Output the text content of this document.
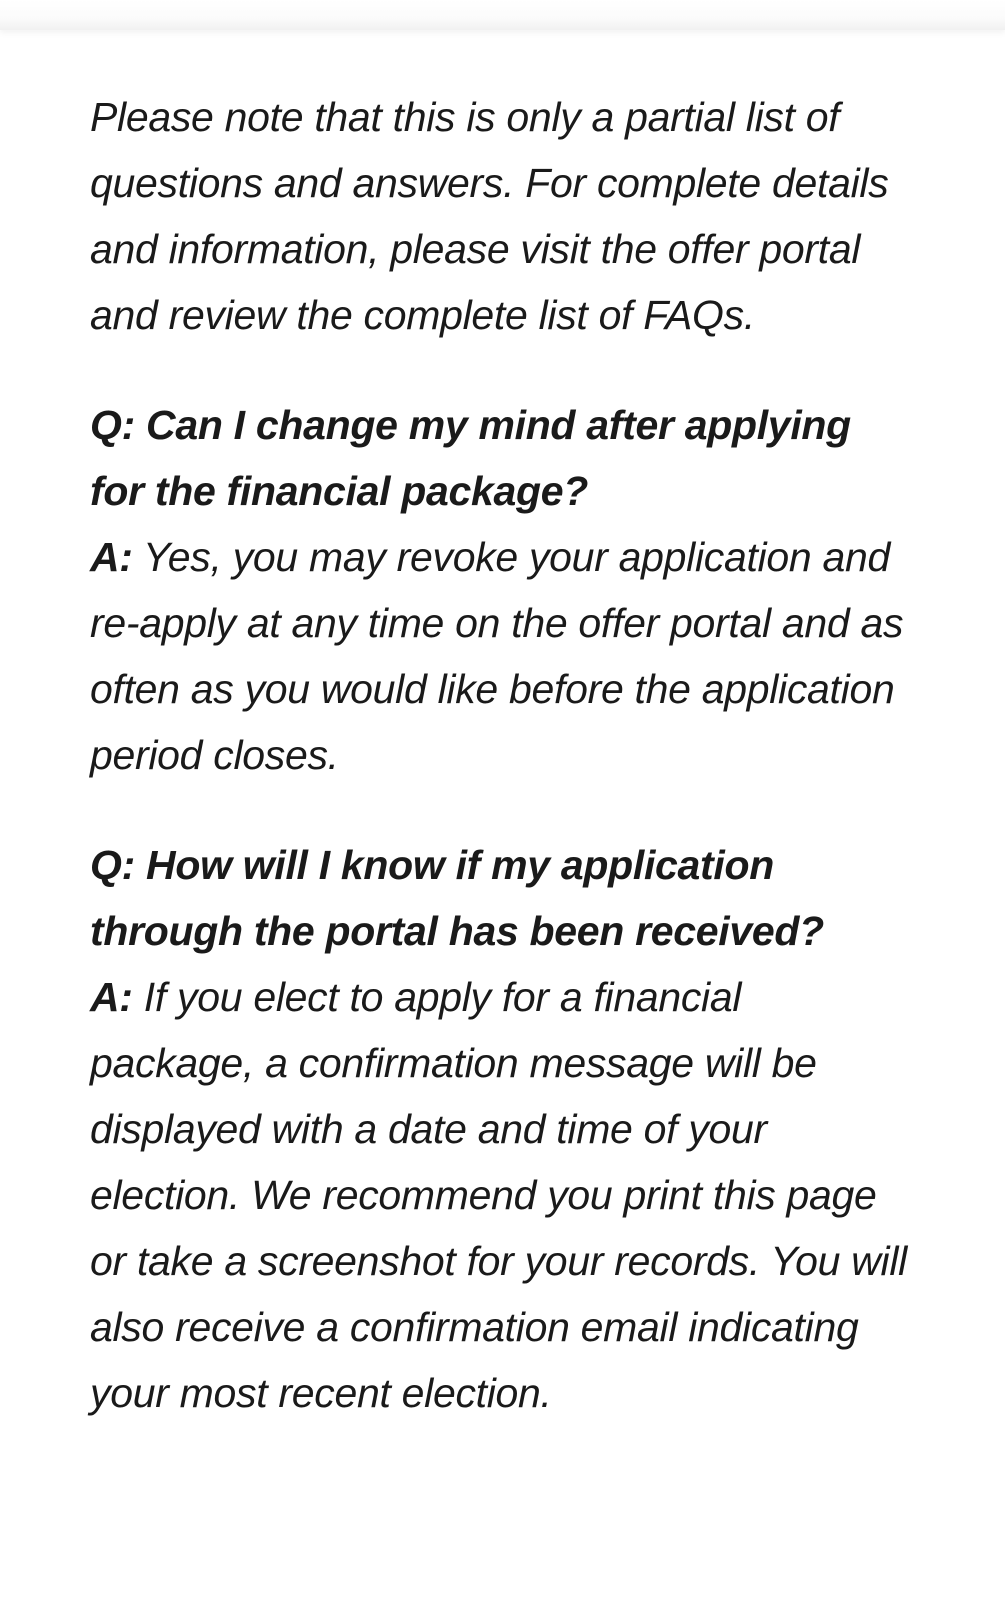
Please note that this is only a partial list of questions and answers. For complete details and information, please visit the offer portal and review the complete list of FAQs.

Q: Can I change my mind after applying for the financial package?
A: Yes, you may revoke your application and re-apply at any time on the offer portal and as often as you would like before the application period closes.
Q: How will I know if my application through the portal has been received?
A: If you elect to apply for a financial package, a confirmation message will be displayed with a date and time of your election. We recommend you print this page or take a screenshot for your records. You will also receive a confirmation email indicating your most recent election.
